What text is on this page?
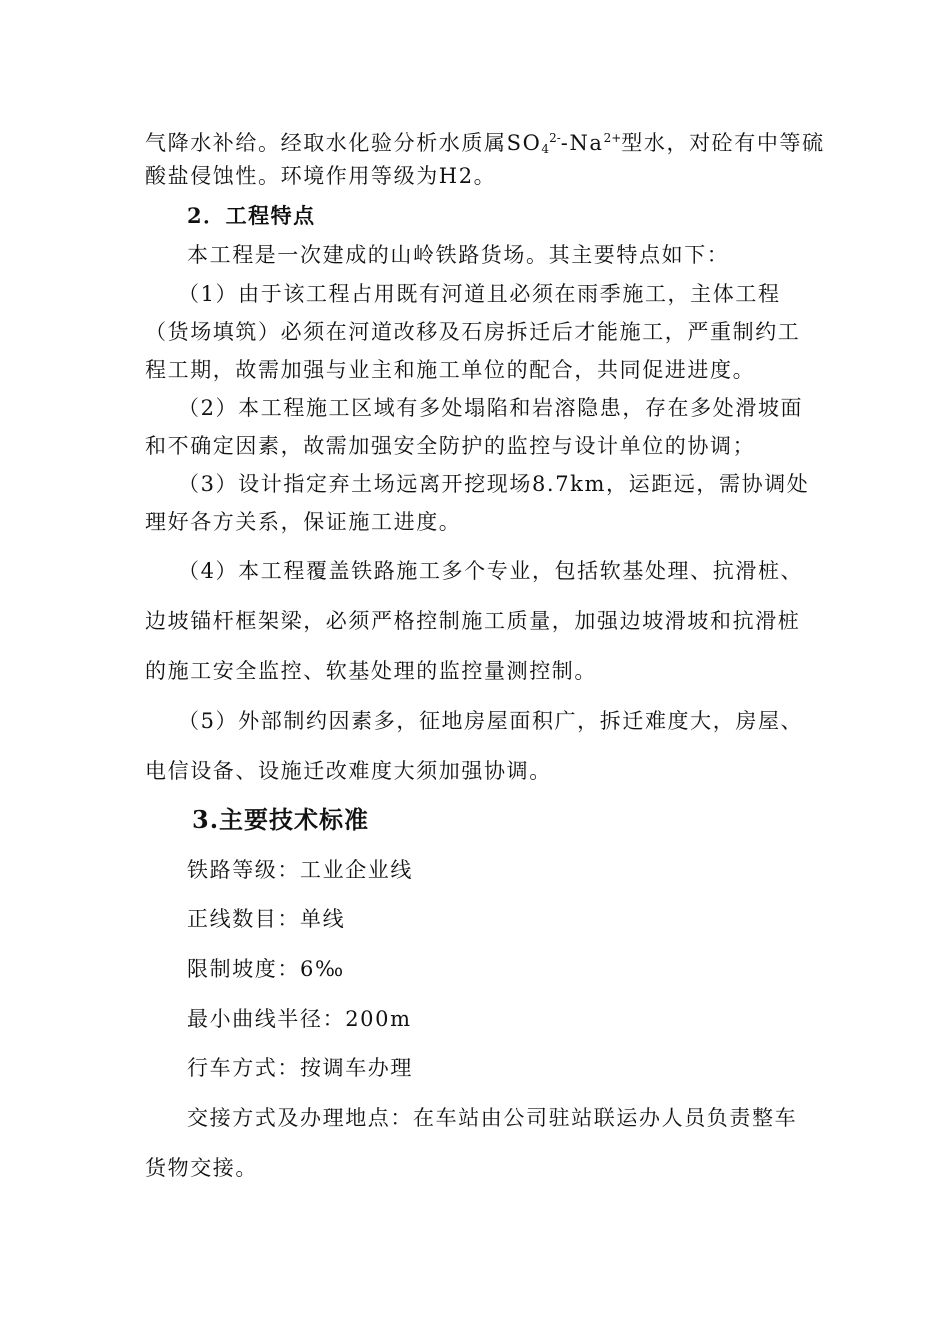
气降水补给。经取水化验分析水质属$SO_4^{2-}-Na^{2+}$型水，对砼有中等硫
酸盐侵蚀性。环境作用等级为H2。
2．工程特点
本工程是一次建成的山岭铁路货场。其主要特点如下：
（1）由于该工程占用既有河道且必须在雨季施工，主体工程
（货场填筑）必须在河道改移及石房拆迁后才能施工，严重制约工
程工期，故需加强与业主和施工单位的配合，共同促进进度。
（2）本工程施工区域有多处塌陷和岩溶隐患，存在多处滑坡面
和不确定因素，故需加强安全防护的监控与设计单位的协调；
（3）设计指定弃土场远离开挖现场8.7km，运距远，需协调处
理好各方关系，保证施工进度。
（4）本工程覆盖铁路施工多个专业，包括软基处理、抗滑桩、
边坡锚杆框架梁，必须严格控制施工质量，加强边坡滑坡和抗滑桩
的施工安全监控、软基处理的监控量测控制。
（5）外部制约因素多，征地房屋面积广，拆迁难度大，房屋、
电信设备、设施迁改难度大须加强协调。
3.主要技术标准
铁路等级：工业企业线
正线数目：单线
限制坡度：6‰
最小曲线半径：200m
行车方式：按调车办理
交接方式及办理地点：在车站由公司驻站联运办人员负责整车
货物交接。
